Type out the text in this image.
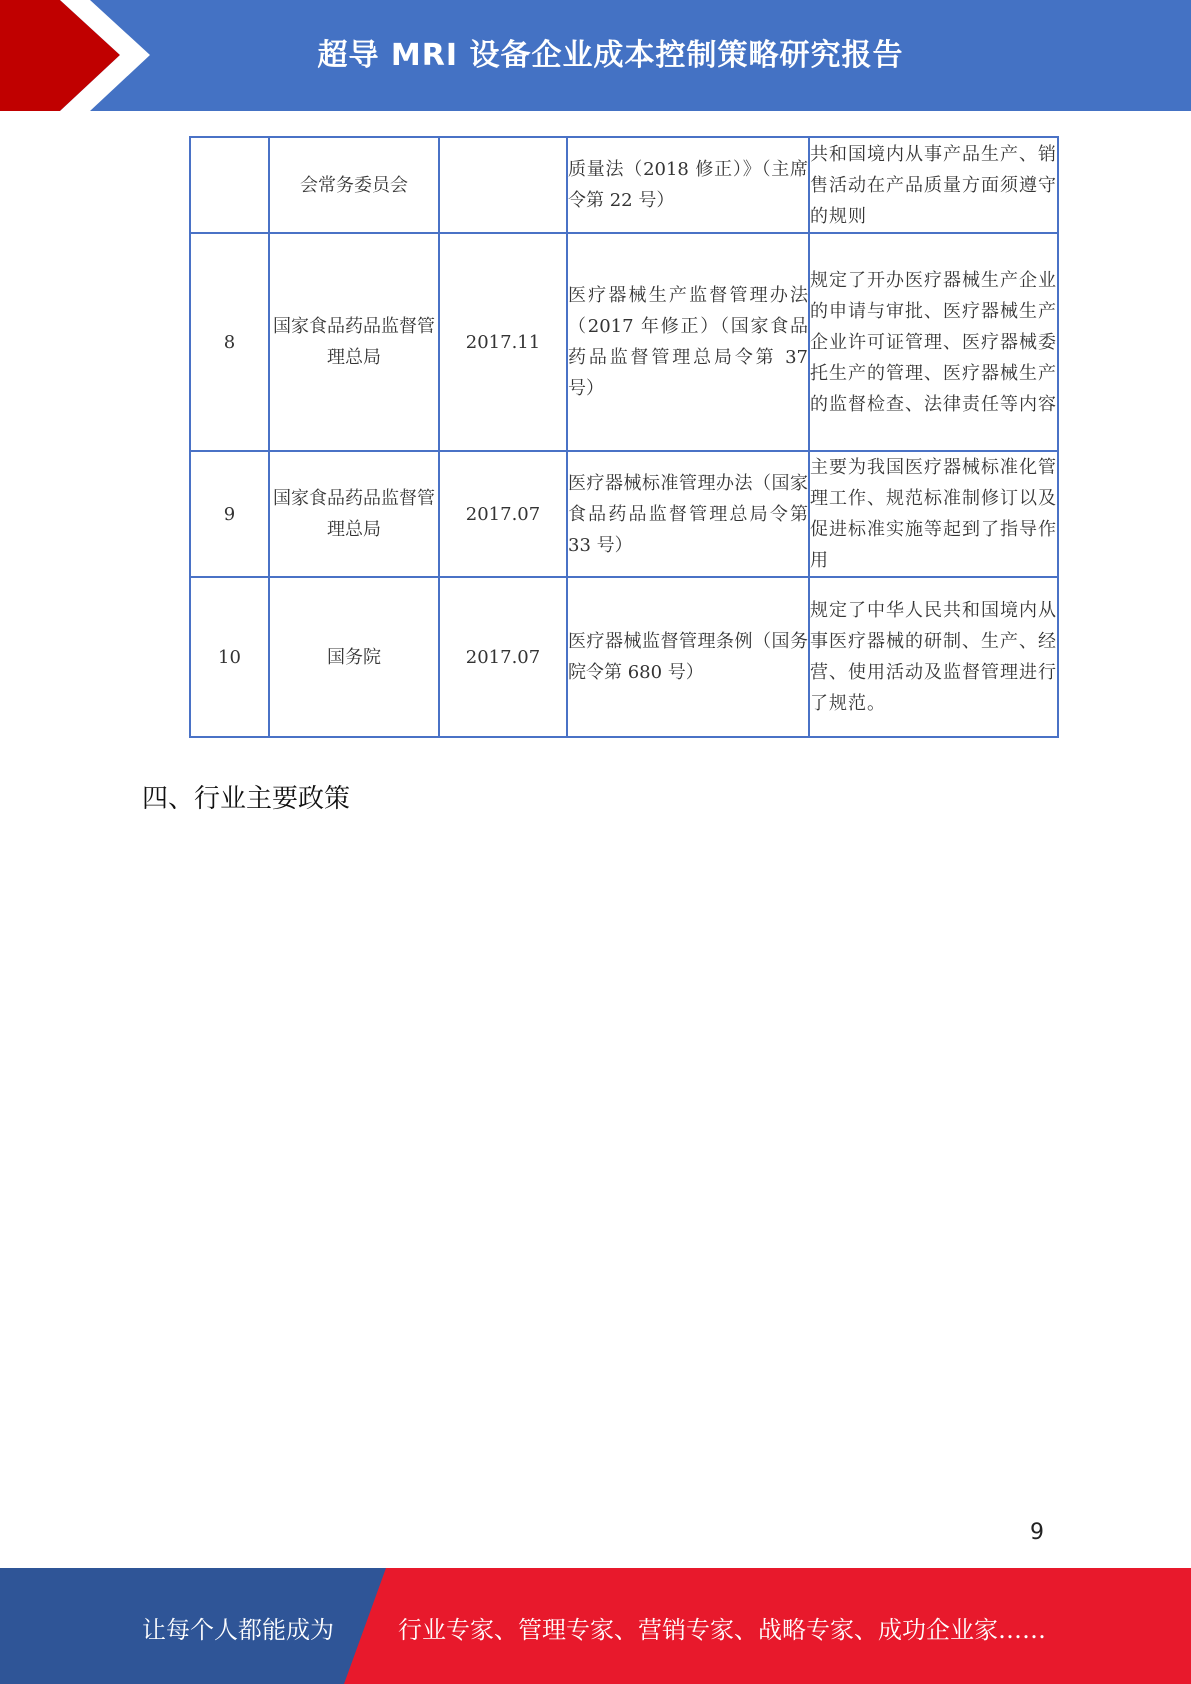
超导 MRI 设备企业成本控制策略研究报告

	会常务委员会		质量法（2018 修正）》（主席令第 22 号）	共和国境内从事产品生产、销售活动在产品质量方面须遵守的规则

8	国家食品药品监督管理总局	2017.11	医疗器械生产监督管理办法（2017 年修正）（国家食品药品监督管理总局令第 37 号）	规定了开办医疗器械生产企业的申请与审批、医疗器械生产企业许可证管理、医疗器械委托生产的管理、医疗器械生产的监督检查、法律责任等内容

9	国家食品药品监督管理总局	2017.07	医疗器械标准管理办法（国家食品药品监督管理总局令第 33 号）	主要为我国医疗器械标准化管理工作、规范标准制修订以及促进标准实施等起到了指导作用

10	国务院	2017.07	医疗器械监督管理条例（国务院令第 680 号）	规定了中华人民共和国境内从事医疗器械的研制、生产、经营、使用活动及监督管理进行了规范。
四、行业主要政策
9
让每个人都能成为	行业专家、管理专家、营销专家、战略专家、成功企业家……
